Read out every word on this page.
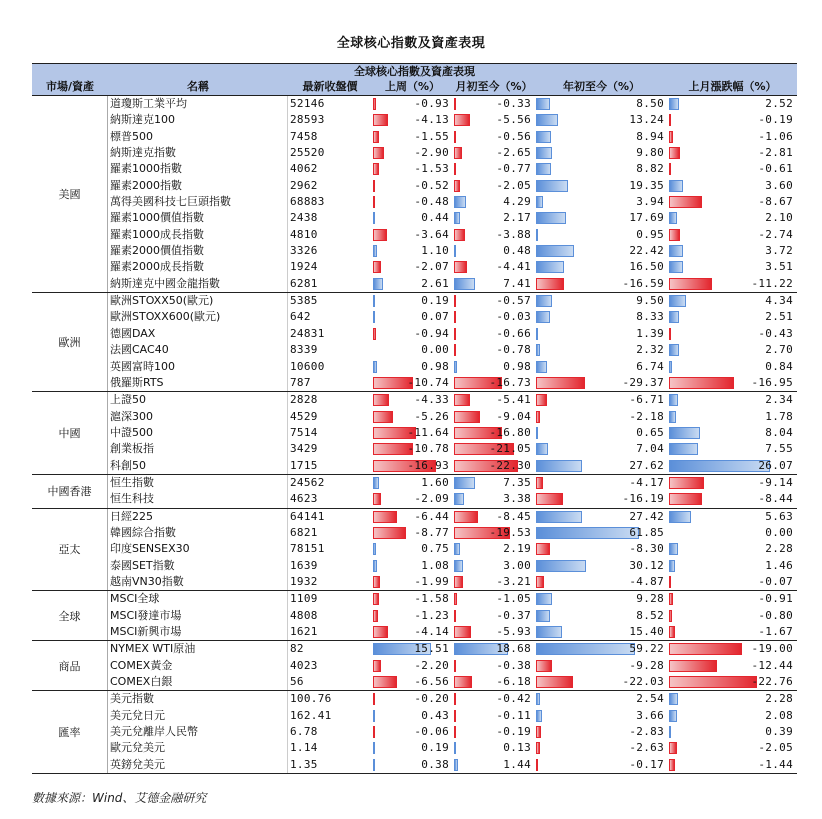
全球核心指數及資產表現
全球核心指數及資產表現
市場/資產	名稱	最新收盤價	上周（%）	月初至今（%）	年初至今（%）	上月漲跌幅（%）
美國
道瓊斯工業平均	52146	-0.93	-0.33	8.50	2.52
納斯達克100	28593	-4.13	-5.56	13.24	-0.19
標普500	7458	-1.55	-0.56	8.94	-1.06
納斯達克指數	25520	-2.90	-2.65	9.80	-2.81
羅素1000指數	4062	-1.53	-0.77	8.82	-0.61
羅素2000指數	2962	-0.52	-2.05	19.35	3.60
萬得美國科技七巨頭指數	68883	-0.48	4.29	3.94	-8.67
羅素1000價值指數	2438	0.44	2.17	17.69	2.10
羅素1000成長指數	4810	-3.64	-3.88	0.95	-2.74
羅素2000價值指數	3326	1.10	0.48	22.42	3.72
羅素2000成長指數	1924	-2.07	-4.41	16.50	3.51
納斯達克中國金龍指數	6281	2.61	7.41	-16.59	-11.22
歐洲
歐洲STOXX50(歐元)	5385	0.19	-0.57	9.50	4.34
歐洲STOXX600(歐元)	642	0.07	-0.03	8.33	2.51
德國DAX	24831	-0.94	-0.66	1.39	-0.43
法國CAC40	8339	0.00	-0.78	2.32	2.70
英國富時100	10600	0.98	0.98	6.74	0.84
俄羅斯RTS	787	-10.74	-16.73	-29.37	-16.95
中國
上證50	2828	-4.33	-5.41	-6.71	2.34
滬深300	4529	-5.26	-9.04	-2.18	1.78
中證500	7514	-11.64	-16.80	0.65	8.04
創業板指	3429	-10.78	-21.05	7.04	7.55
科創50	1715	-16.93	-22.30	27.62	26.07
中國香港
恒生指數	24562	1.60	7.35	-4.17	-9.14
恒生科技	4623	-2.09	3.38	-16.19	-8.44
亞太
日經225	64141	-6.44	-8.45	27.42	5.63
韓國綜合指數	6821	-8.77	-19.53	61.85	0.00
印度SENSEX30	78151	0.75	2.19	-8.30	2.28
泰國SET指數	1639	1.08	3.00	30.12	1.46
越南VN30指數	1932	-1.99	-3.21	-4.87	-0.07
全球
MSCI全球	1109	-1.58	-1.05	9.28	-0.91
MSCI發達市場	4808	-1.23	-0.37	8.52	-0.80
MSCI新興市場	1621	-4.14	-5.93	15.40	-1.67
商品
NYMEX WTI原油	82	15.51	18.68	59.22	-19.00
COMEX黃金	4023	-2.20	-0.38	-9.28	-12.44
COMEX白銀	56	-6.56	-6.18	-22.03	-22.76
匯率
美元指數	100.76	-0.20	-0.42	2.54	2.28
美元兌日元	162.41	0.43	-0.11	3.66	2.08
美元兌離岸人民幣	6.78	-0.06	-0.19	-2.83	0.39
歐元兌美元	1.14	0.19	0.13	-2.63	-2.05
英鎊兌美元	1.35	0.38	1.44	-0.17	-1.44
數據來源：Wind、艾德金融研究
